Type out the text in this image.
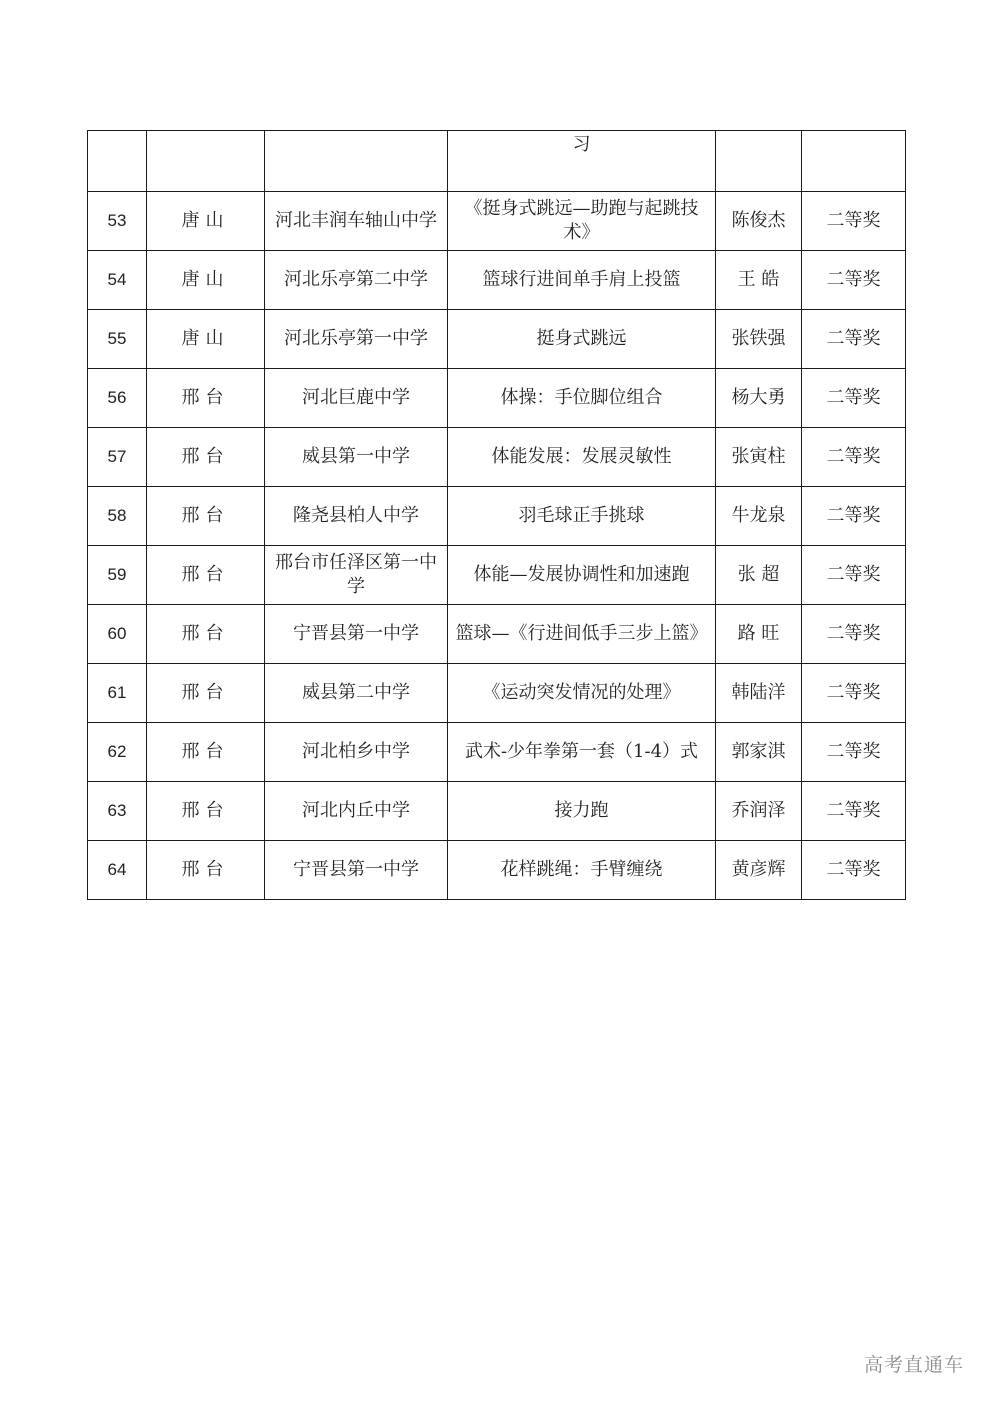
			习		
53	唐山	河北丰润车轴山中学	《挺身式跳远—助跑与起跳技术》	陈俊杰	二等奖
54	唐山	河北乐亭第二中学	篮球行进间单手肩上投篮	王 皓	二等奖
55	唐山	河北乐亭第一中学	挺身式跳远	张铁强	二等奖
56	邢台	河北巨鹿中学	体操：手位脚位组合	杨大勇	二等奖
57	邢台	威县第一中学	体能发展：发展灵敏性	张寅柱	二等奖
58	邢台	隆尧县柏人中学	羽毛球正手挑球	牛龙泉	二等奖
59	邢台	邢台市任泽区第一中学	体能—发展协调性和加速跑	张 超	二等奖
60	邢台	宁晋县第一中学	篮球—《行进间低手三步上篮》	路 旺	二等奖
61	邢台	威县第二中学	《运动突发情况的处理》	韩陆洋	二等奖
62	邢台	河北柏乡中学	武术-少年拳第一套（1-4）式	郭家淇	二等奖
63	邢台	河北内丘中学	接力跑	乔润泽	二等奖
64	邢台	宁晋县第一中学	花样跳绳：手臂缠绕	黄彦辉	二等奖
高考直通车
